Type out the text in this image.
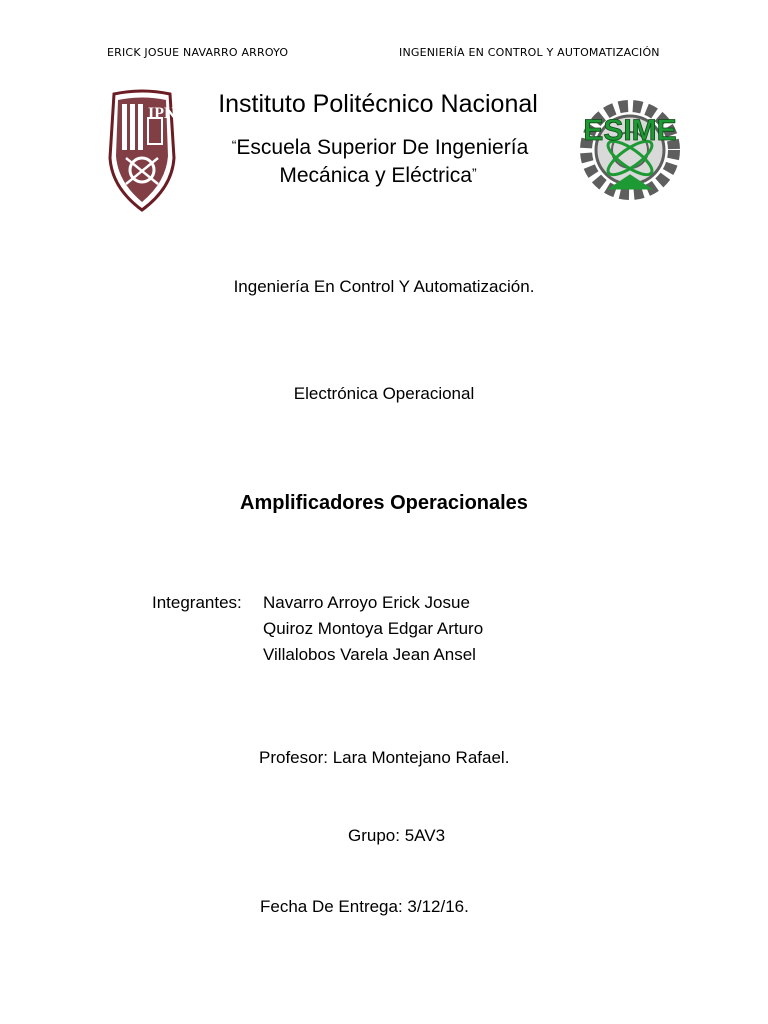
ERICK JOSUE NAVARRO ARROYO	INGENIERÍA EN CONTROL Y AUTOMATIZACIÓN
IPN
ESIME
Instituto Politécnico Nacional
“Escuela Superior De Ingeniería
Mecánica y Eléctrica”
Ingeniería En Control Y Automatización.
Electrónica Operacional
Amplificadores Operacionales
Integrantes: Navarro Arroyo Erick Josue
Quiroz Montoya Edgar Arturo
Villalobos Varela Jean Ansel
Profesor: Lara Montejano Rafael.
Grupo: 5AV3
Fecha De Entrega: 3/12/16.
